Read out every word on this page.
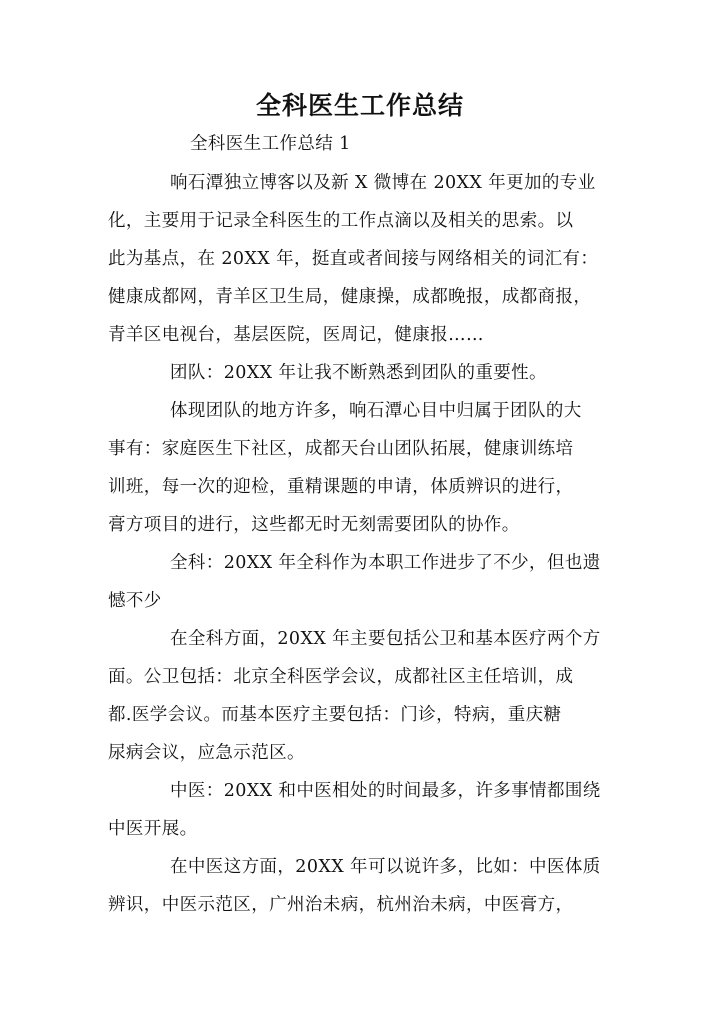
全科医生工作总结
全科医生工作总结 1
响石潭独立博客以及新 X 微博在 20XX 年更加的专业
化，主要用于记录全科医生的工作点滴以及相关的思索。以
此为基点，在 20XX 年，挺直或者间接与网络相关的词汇有：
健康成都网，青羊区卫生局，健康操，成都晚报，成都商报，
青羊区电视台，基层医院，医周记，健康报……
团队：20XX 年让我不断熟悉到团队的重要性。
体现团队的地方许多，响石潭心目中归属于团队的大
事有：家庭医生下社区，成都天台山团队拓展，健康训练培
训班，每一次的迎检，重精课题的申请，体质辨识的进行，
膏方项目的进行，这些都无时无刻需要团队的协作。
全科：20XX 年全科作为本职工作进步了不少，但也遗
憾不少
在全科方面，20XX 年主要包括公卫和基本医疗两个方
面。公卫包括：北京全科医学会议，成都社区主任培训，成
都.医学会议。而基本医疗主要包括：门诊，特病，重庆糖
尿病会议，应急示范区。
中医：20XX 和中医相处的时间最多，许多事情都围绕
中医开展。
在中医这方面，20XX 年可以说许多，比如：中医体质
辨识，中医示范区，广州治未病，杭州治未病，中医膏方，
